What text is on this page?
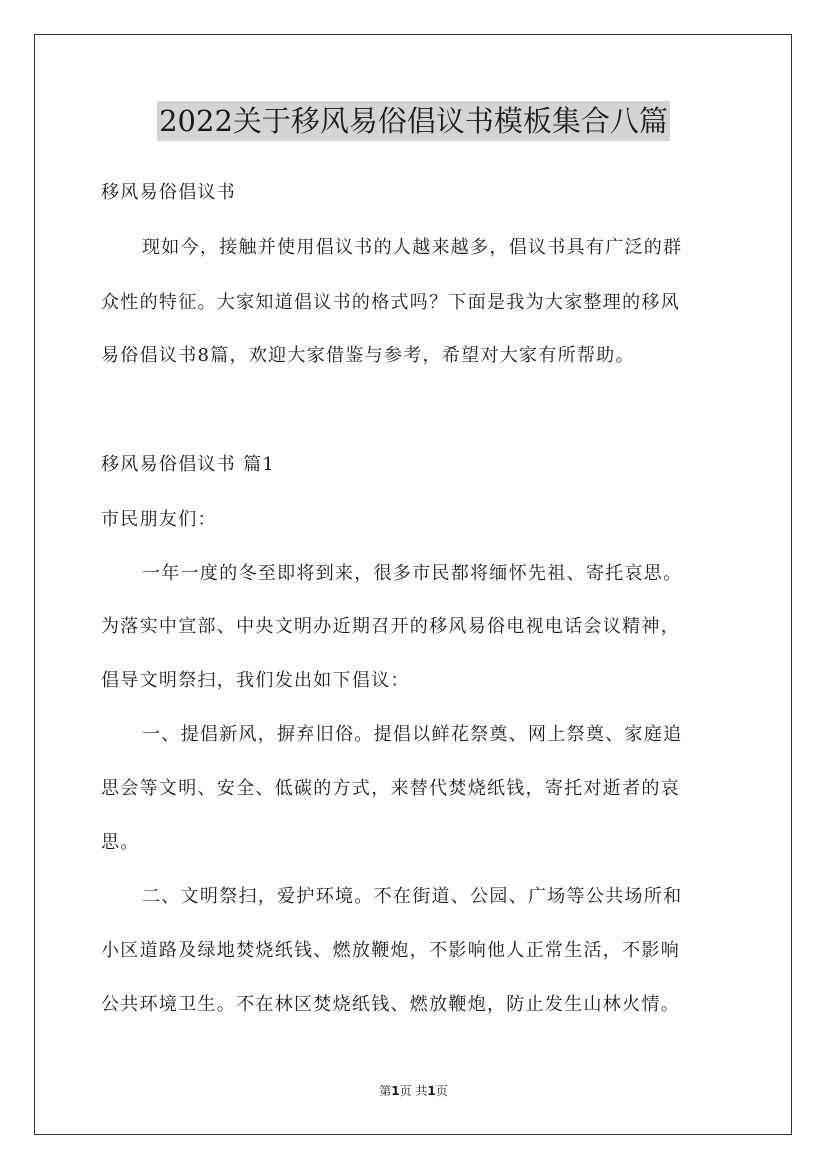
2022关于移风易俗倡议书模板集合八篇
移风易俗倡议书
现如今，接触并使用倡议书的人越来越多，倡议书具有广泛的群
众性的特征。大家知道倡议书的格式吗？下面是我为大家整理的移风
易俗倡议书8篇，欢迎大家借鉴与参考，希望对大家有所帮助。
移风易俗倡议书 篇1
市民朋友们：
一年一度的冬至即将到来，很多市民都将缅怀先祖、寄托哀思。
为落实中宣部、中央文明办近期召开的移风易俗电视电话会议精神，
倡导文明祭扫，我们发出如下倡议：
一、提倡新风，摒弃旧俗。提倡以鲜花祭奠、网上祭奠、家庭追
思会等文明、安全、低碳的方式，来替代焚烧纸钱，寄托对逝者的哀
思。
二、文明祭扫，爱护环境。不在街道、公园、广场等公共场所和
小区道路及绿地焚烧纸钱、燃放鞭炮，不影响他人正常生活，不影响
公共环境卫生。不在林区焚烧纸钱、燃放鞭炮，防止发生山林火情。
第1页 共1页
